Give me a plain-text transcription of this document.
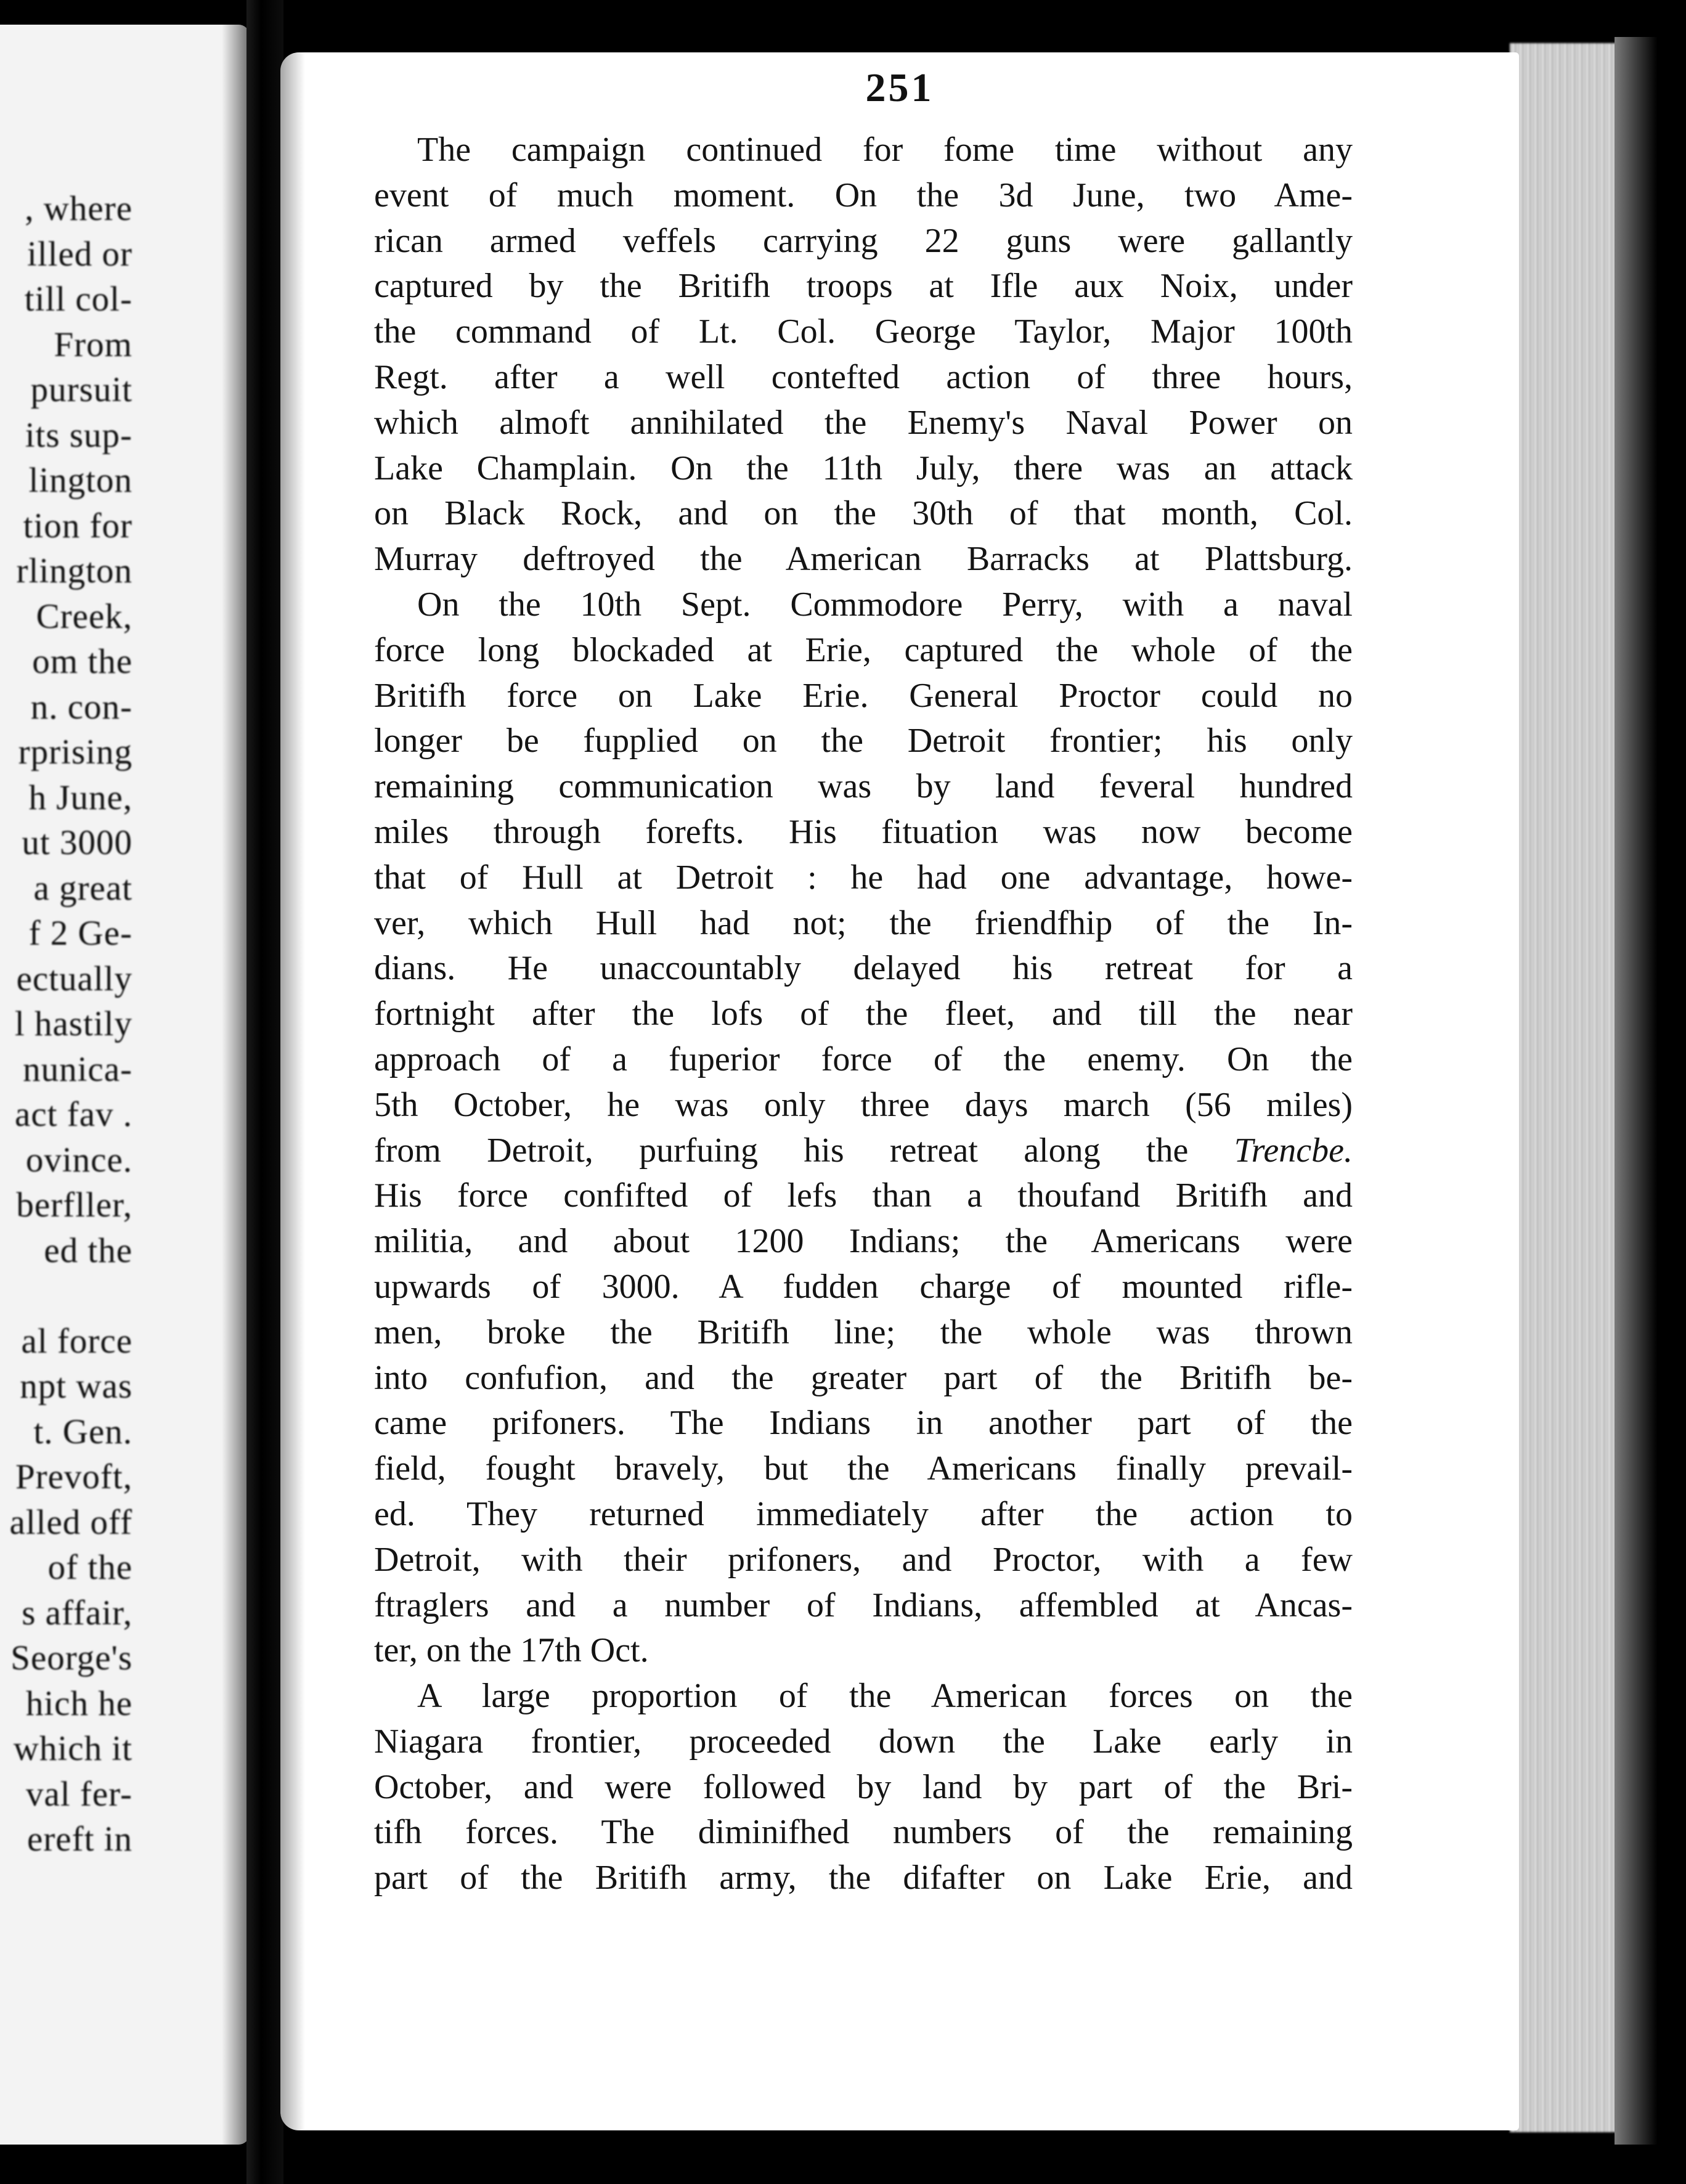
, where
illed or
till col-
From
pursuit
its sup-
lington
tion for
rlington
Creek,
om the
n. con-
rprising
h June,
ut 3000
a great
f 2 Ge-
ectually
l hastily
nunica-
act fav .
ovince.
berfller,
ed the
al force
npt was
t. Gen.
Prevoft,
alled off
of the
s affair,
Seorge's
hich he
which it
val fer-
ereft in

251

The campaign continued for fome time without any
event of much moment. On the 3d June, two Ame-
rican armed veffels carrying 22 guns were gallantly
captured by the Britifh troops at Ifle aux Noix, under
the command of Lt. Col. George Taylor, Major 100th
Regt. after a well contefted action of three hours,
which almoft annihilated the Enemy's Naval Power on
Lake Champlain. On the 11th July, there was an attack
on Black Rock, and on the 30th of that month, Col.
Murray deftroyed the American Barracks at Plattsburg.
On the 10th Sept. Commodore Perry, with a naval
force long blockaded at Erie, captured the whole of the
Britifh force on Lake Erie. General Proctor could no
longer be fupplied on the Detroit frontier; his only
remaining communication was by land feveral hundred
miles through forefts. His fituation was now become
that of Hull at Detroit : he had one advantage, howe-
ver, which Hull had not; the friendfhip of the In-
dians. He unaccountably delayed his retreat for a
fortnight after the lofs of the fleet, and till the near
approach of a fuperior force of the enemy. On the
5th October, he was only three days march (56 miles)
from Detroit, purfuing his retreat along the Trencbe.
His force confifted of lefs than a thoufand Britifh and
militia, and about 1200 Indians; the Americans were
upwards of 3000. A fudden charge of mounted rifle-
men, broke the Britifh line; the whole was thrown
into confufion, and the greater part of the Britifh be-
came prifoners. The Indians in another part of the
field, fought bravely, but the Americans finally prevail-
ed. They returned immediately after the action to
Detroit, with their prifoners, and Proctor, with a few
ftraglers and a number of Indians, affembled at Ancas-
ter, on the 17th Oct.
A large proportion of the American forces on the
Niagara frontier, proceeded down the Lake early in
October, and were followed by land by part of the Bri-
tifh forces. The diminifhed numbers of the remaining
part of the Britifh army, the difafter on Lake Erie, and
